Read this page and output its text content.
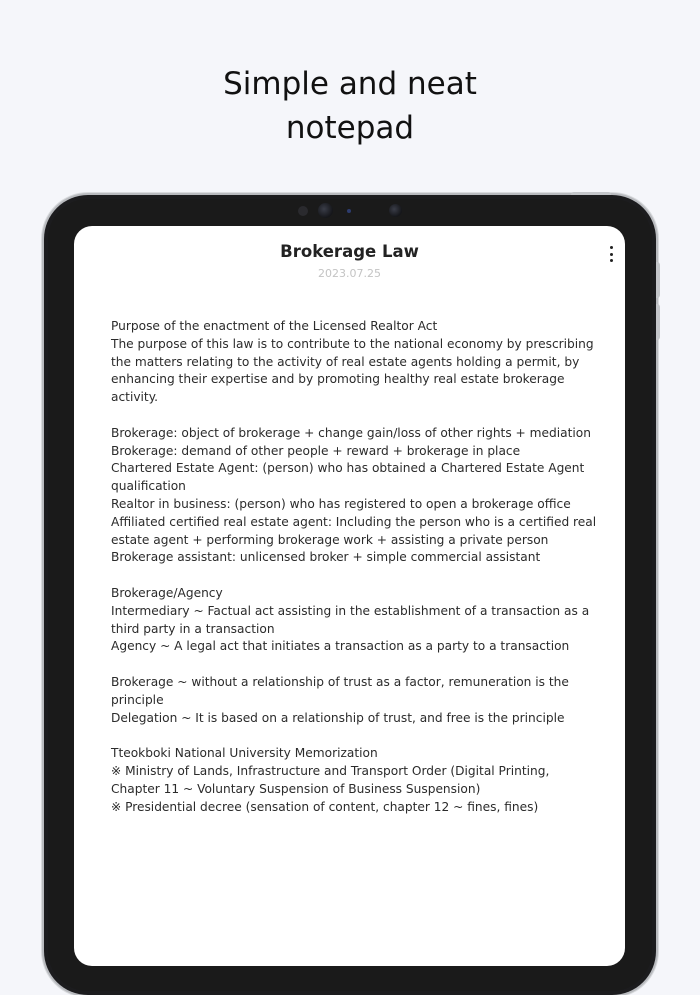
Simple and neat
notepad
Brokerage Law
2023.07.25
Purpose of the enactment of the Licensed Realtor Act
The purpose of this law is to contribute to the national economy by prescribing
the matters relating to the activity of real estate agents holding a permit, by
enhancing their expertise and by promoting healthy real estate brokerage
activity.
Brokerage: object of brokerage + change gain/loss of other rights + mediation
Brokerage: demand of other people + reward + brokerage in place
Chartered Estate Agent: (person) who has obtained a Chartered Estate Agent
qualification
Realtor in business: (person) who has registered to open a brokerage office
Affiliated certified real estate agent: Including the person who is a certified real
estate agent + performing brokerage work + assisting a private person
Brokerage assistant: unlicensed broker + simple commercial assistant
Brokerage/Agency
Intermediary ~ Factual act assisting in the establishment of a transaction as a
third party in a transaction
Agency ~ A legal act that initiates a transaction as a party to a transaction
Brokerage ~ without a relationship of trust as a factor, remuneration is the
principle
Delegation ~ It is based on a relationship of trust, and free is the principle
Tteokboki National University Memorization
※ Ministry of Lands, Infrastructure and Transport Order (Digital Printing,
Chapter 11 ~ Voluntary Suspension of Business Suspension)
※ Presidential decree (sensation of content, chapter 12 ~ fines, fines)
